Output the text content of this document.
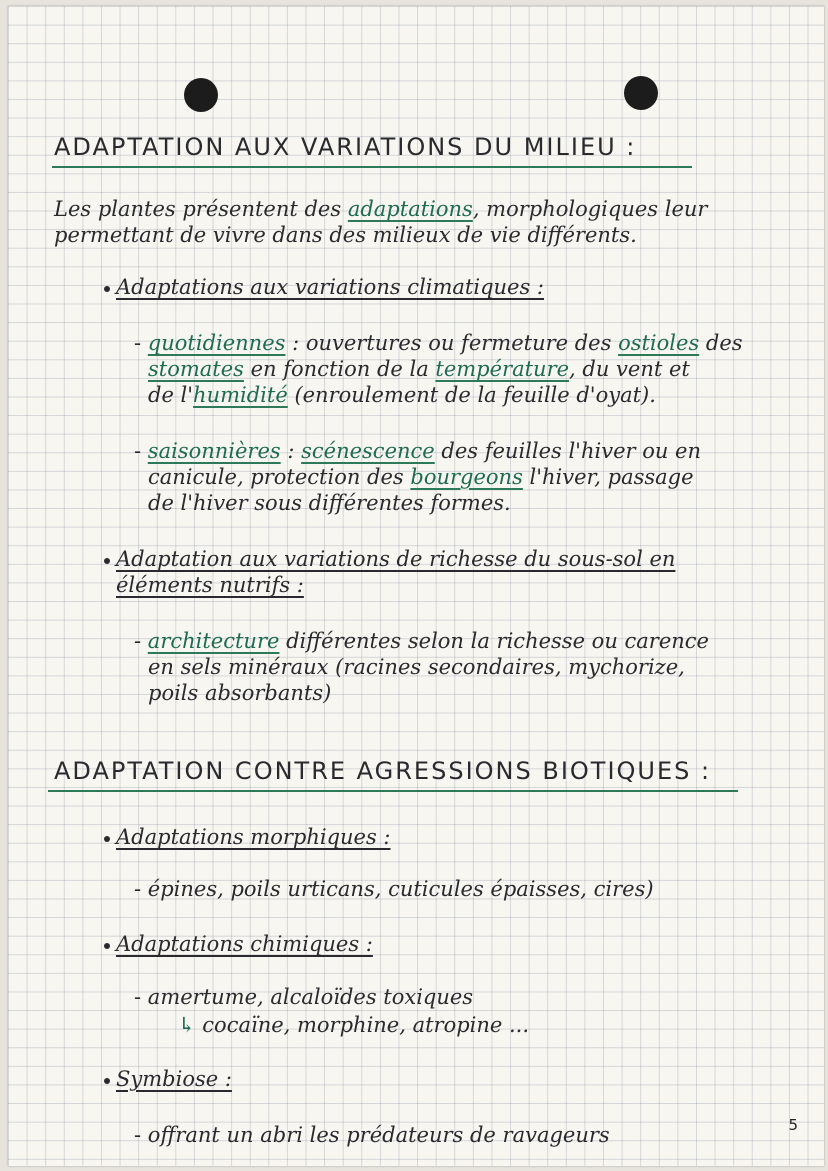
ADAPTATION AUX VARIATIONS DU MILIEU :
Les plantes présentent des adaptations, morphologiques leur
permettant de vivre dans des milieux de vie différents.
Adaptations aux variations climatiques :
- quotidiennes : ouvertures ou fermeture des ostioles des
stomates en fonction de la température, du vent et
de l'humidité (enroulement de la feuille d'oyat).
- saisonnières : scénescence des feuilles l'hiver ou en
canicule, protection des bourgeons l'hiver, passage
de l'hiver sous différentes formes.
Adaptation aux variations de richesse du sous-sol en
éléments nutrifs :
- architecture différentes selon la richesse ou carence
en sels minéraux (racines secondaires, mychorize,
poils absorbants)
ADAPTATION CONTRE AGRESSIONS BIOTIQUES :
Adaptations morphiques :
- épines, poils urticans, cuticules épaisses, cires)
Adaptations chimiques :
- amertume, alcaloïdes toxiques
↳ cocaïne, morphine, atropine ...
Symbiose :
- offrant un abri les prédateurs de ravageurs	5
